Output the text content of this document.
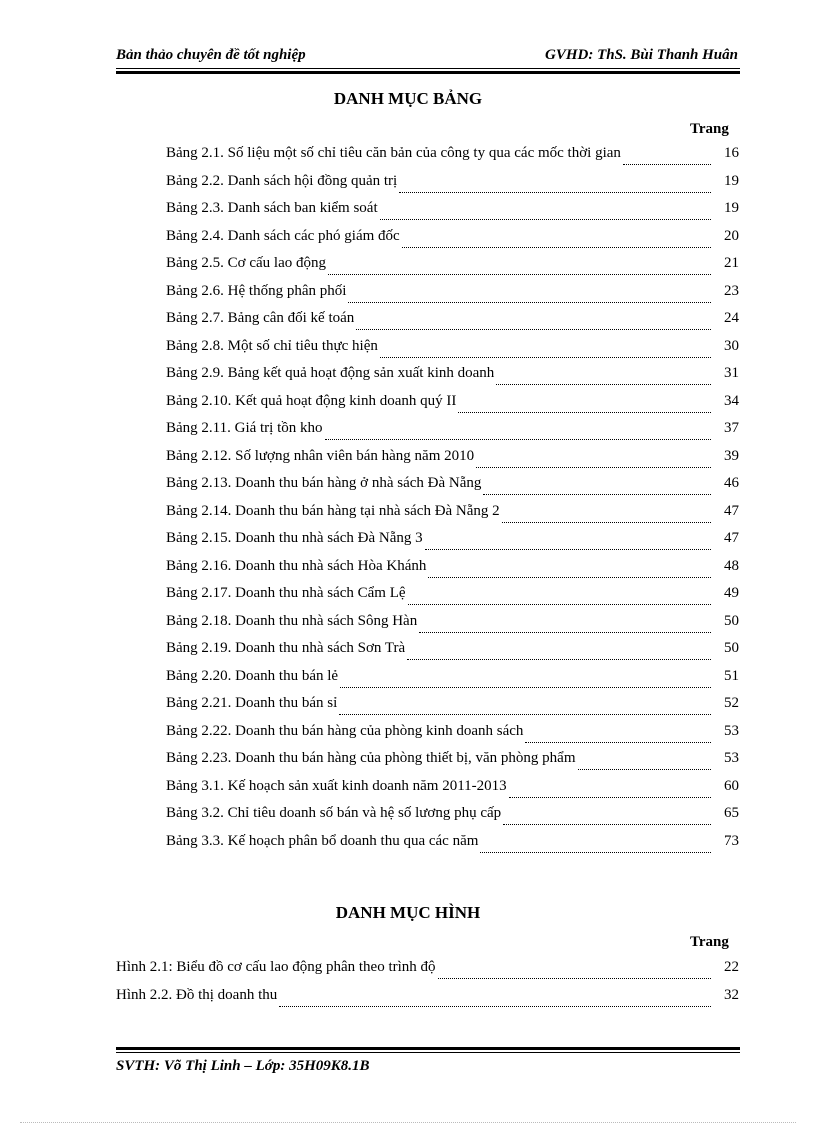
Bản thảo chuyên đề tốt nghiệp	GVHD: ThS. Bùi Thanh Huân
DANH MỤC BẢNG
Trang
Bảng 2.1. Số liệu một số chỉ tiêu căn bản của công ty qua các mốc thời gian	16
Bảng 2.2. Danh sách hội đồng quản trị	19
Bảng 2.3. Danh sách ban kiểm soát	19
Bảng 2.4. Danh sách các phó giám đốc	20
Bảng 2.5. Cơ cấu lao động	21
Bảng 2.6. Hệ thống phân phối	23
Bảng 2.7. Bảng cân đối kế toán	24
Bảng 2.8. Một số chỉ tiêu thực hiện	30
Bảng 2.9. Bảng kết quả hoạt động sản xuất kinh doanh	31
Bảng 2.10. Kết quả hoạt động kinh doanh quý II	34
Bảng 2.11. Giá trị tồn kho	37
Bảng 2.12. Số lượng nhân viên bán hàng năm 2010	39
Bảng 2.13. Doanh thu bán hàng ở nhà sách Đà Nẵng	46
Bảng 2.14. Doanh thu bán hàng tại nhà sách Đà Nẵng 2	47
Bảng 2.15. Doanh thu nhà sách Đà Nẵng 3	47
Bảng 2.16. Doanh thu nhà sách Hòa Khánh	48
Bảng 2.17. Doanh thu nhà sách Cẩm Lệ	49
Bảng 2.18. Doanh thu nhà sách Sông Hàn	50
Bảng 2.19. Doanh thu nhà sách Sơn Trà	50
Bảng 2.20. Doanh thu bán lẻ	51
Bảng 2.21. Doanh thu bán sỉ	52
Bảng 2.22. Doanh thu bán hàng của phòng kinh doanh sách	53
Bảng 2.23. Doanh thu bán hàng của phòng thiết bị, văn phòng phẩm	53
Bảng 3.1. Kế hoạch sản xuất kinh doanh năm 2011-2013	60
Bảng 3.2. Chỉ tiêu doanh số bán và hệ số lương phụ cấp	65
Bảng 3.3. Kế hoạch phân bổ doanh thu qua các năm	73
DANH MỤC HÌNH
Trang
Hình 2.1: Biểu đồ cơ cấu lao động phân theo trình độ	22
Hình 2.2. Đồ thị doanh thu	32
SVTH: Võ Thị Linh – Lớp: 35H09K8.1B
